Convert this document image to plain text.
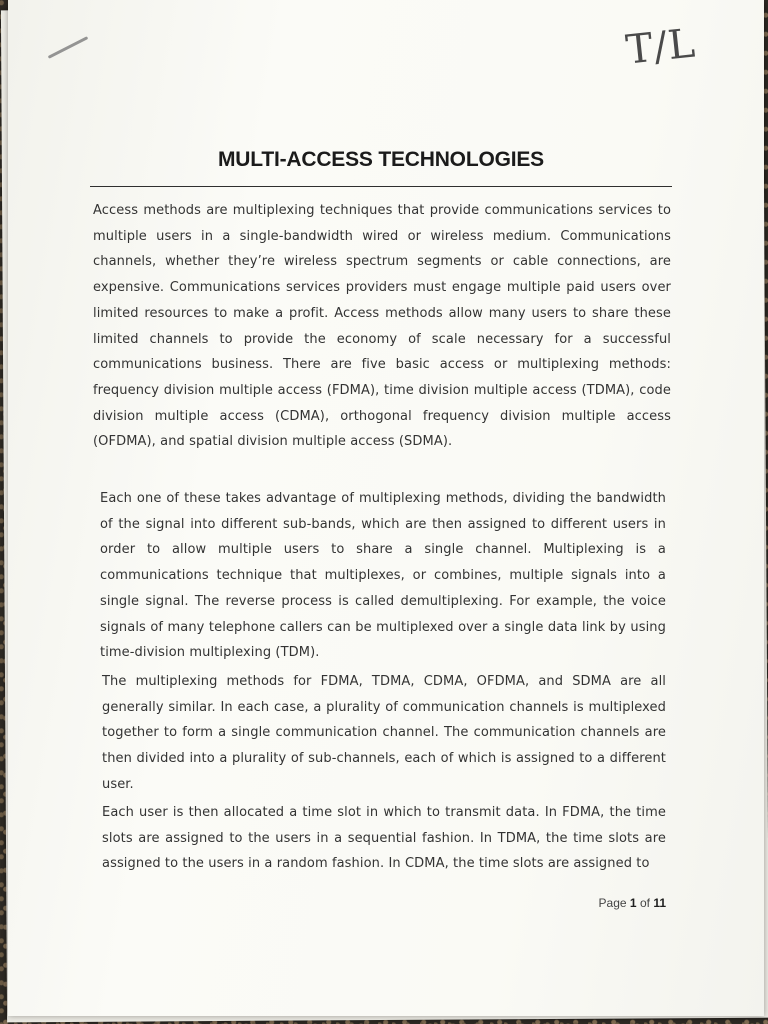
T/L
MULTI-ACCESS TECHNOLOGIES

Access methods are multiplexing techniques that provide communications services to multiple users in a single-bandwidth wired or wireless medium. Communications channels, whether they’re wireless spectrum segments or cable connections, are expensive. Communications services providers must engage multiple paid users over limited resources to make a profit. Access methods allow many users to share these limited channels to provide the economy of scale necessary for a successful communications business. There are five basic access or multiplexing methods: frequency division multiple access (FDMA), time division multiple access (TDMA), code division multiple access (CDMA), orthogonal frequency division multiple access (OFDMA), and spatial division multiple access (SDMA).

Each one of these takes advantage of multiplexing methods, dividing the bandwidth of the signal into different sub-bands, which are then assigned to different users in order to allow multiple users to share a single channel. Multiplexing is a communications technique that multiplexes, or combines, multiple signals into a single signal. The reverse process is called demultiplexing. For example, the voice signals of many telephone callers can be multiplexed over a single data link by using time-division multiplexing (TDM).

The multiplexing methods for FDMA, TDMA, CDMA, OFDMA, and SDMA are all generally similar. In each case, a plurality of communication channels is multiplexed together to form a single communication channel. The communication channels are then divided into a plurality of sub-channels, each of which is assigned to a different user.

Each user is then allocated a time slot in which to transmit data. In FDMA, the time slots are assigned to the users in a sequential fashion. In TDMA, the time slots are assigned to the users in a random fashion. In CDMA, the time slots are assigned to

Page 1 of 11
